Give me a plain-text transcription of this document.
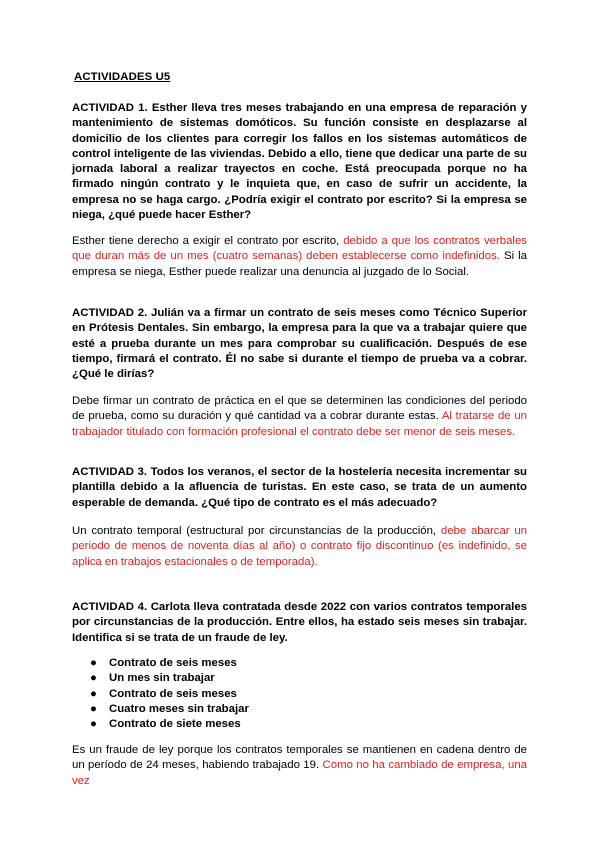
ACTIVIDADES U5
ACTIVIDAD 1. Esther lleva tres meses trabajando en una empresa de reparación y mantenimiento de sistemas domóticos. Su función consiste en desplazarse al domicilio de los clientes para corregir los fallos en los sistemas automáticos de control inteligente de las viviendas. Debido a ello, tiene que dedicar una parte de su jornada laboral a realizar trayectos en coche. Está preocupada porque no ha firmado ningún contrato y le inquieta que, en caso de sufrir un accidente, la empresa no se haga cargo. ¿Podría exigir el contrato por escrito? Si la empresa se niega, ¿qué puede hacer Esther?
Esther tiene derecho a exigir el contrato por escrito, debido a que los contratos verbales que duran más de un mes (cuatro semanas) deben establecerse como indefinidos. Si la empresa se niega, Esther puede realizar una denuncia al juzgado de lo Social.
ACTIVIDAD 2. Julián va a firmar un contrato de seis meses como Técnico Superior en Prótesis Dentales. Sin embargo, la empresa para la que va a trabajar quiere que esté a prueba durante un mes para comprobar su cualificación. Después de ese tiempo, firmará el contrato. Él no sabe si durante el tiempo de prueba va a cobrar. ¿Qué le dirías?
Debe firmar un contrato de práctica en el que se determinen las condiciones del periodo de prueba, como su duración y qué cantidad va a cobrar durante estas. Al tratarse de un trabajador titulado con formación profesional el contrato debe ser menor de seis meses.
ACTIVIDAD 3. Todos los veranos, el sector de la hostelería necesita incrementar su plantilla debido a la afluencia de turistas. En este caso, se trata de un aumento esperable de demanda. ¿Qué tipo de contrato es el más adecuado?
Un contrato temporal (estructural por circunstancias de la producción, debe abarcar un periodo de menos de noventa días al año) o contrato fijo discontinuo (es indefinido, se aplica en trabajos estacionales o de temporada).
ACTIVIDAD 4. Carlota lleva contratada desde 2022 con varios contratos temporales por circunstancias de la producción. Entre ellos, ha estado seis meses sin trabajar. Identifica si se trata de un fraude de ley.
● Contrato de seis meses
● Un mes sin trabajar
● Contrato de seis meses
● Cuatro meses sin trabajar
● Contrato de siete meses
Es un fraude de ley porque los contratos temporales se mantienen en cadena dentro de un período de 24 meses, habiendo trabajado 19. Como no ha cambiado de empresa, una vez
